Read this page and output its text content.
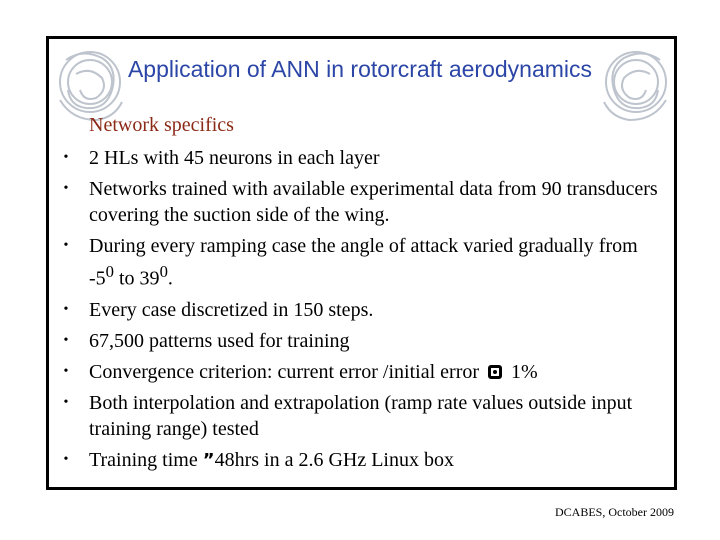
Application of ANN in rotorcraft aerodynamics
Network specifics
• 2 HLs with 45 neurons in each layer
• Networks trained with available experimental data from 90 transducers covering the suction side of the wing.
• During every ramping case the angle of attack varied gradually from $-5^0$ to $39^0$.
• Every case discretized in 150 steps.
• 67,500 patterns used for training
• Convergence criterion: current error /initial error  1%
• Both interpolation and extrapolation (ramp rate values outside input training range) tested
• Training time ”48hrs in a 2.6 GHz Linux box
DCABES, October 2009
